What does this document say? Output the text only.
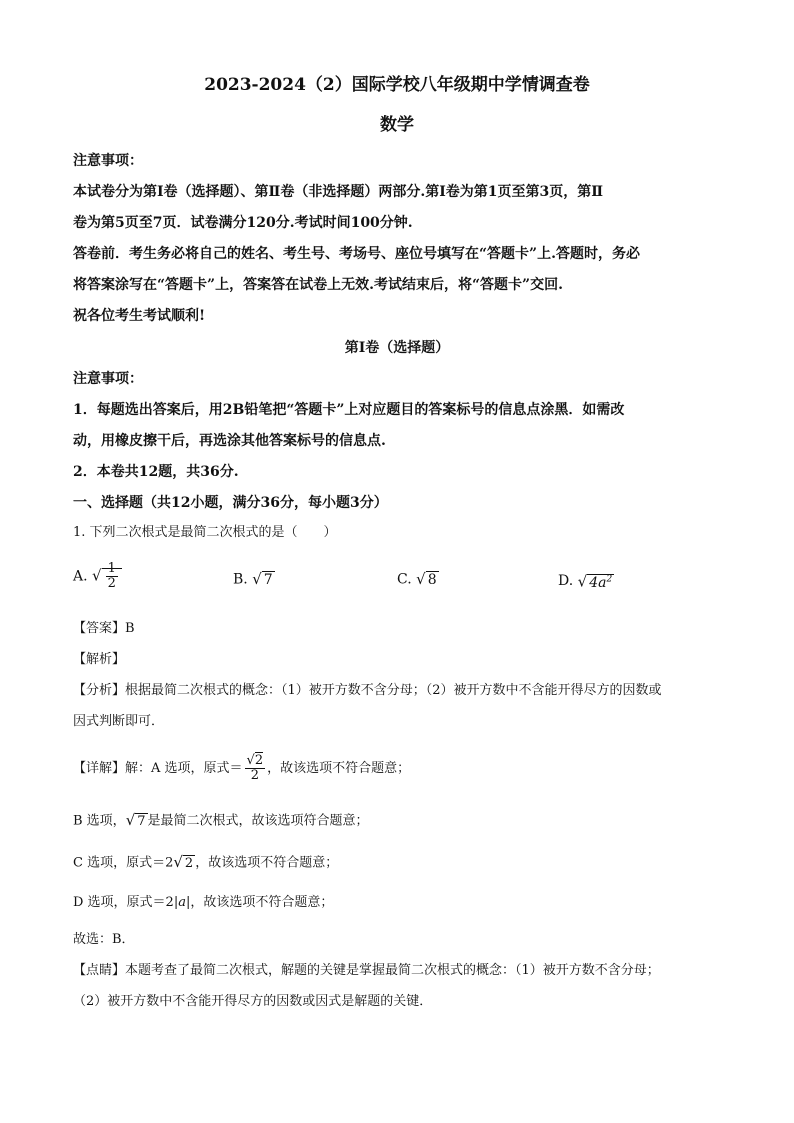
2023-2024（2）国际学校八年级期中学情调查卷
数学
注意事项：
本试卷分为第Ⅰ卷（选择题）、第Ⅱ卷（非选择题）两部分.第Ⅰ卷为第1页至第3页，第Ⅱ
卷为第5页至7页．试卷满分120分.考试时间100分钟.
答卷前．考生务必将自己的姓名、考生号、考场号、座位号填写在“答题卡”上.答题时，务必
将答案涂写在“答题卡”上，答案答在试卷上无效.考试结束后，将“答题卡”交回.
祝各位考生考试顺利!
第Ⅰ卷（选择题）
注意事项：
1．每题选出答案后，用2B铅笔把“答题卡”上对应题目的答案标号的信息点涂黑．如需改
动，用橡皮擦干后，再选涂其他答案标号的信息点.
2．本卷共12题，共36分.
一、选择题（共12小题，满分36分，每小题3分）
1. 下列二次根式是最简二次根式的是（　　）
A. √ $\frac{1}{2}$	B. √ 7	C. √ 8	D. √ $4a^2$
【答案】B
【解析】
【分析】根据最简二次根式的概念：（1）被开方数不含分母；（2）被开方数中不含能开得尽方的因数或
因式判断即可．
【详解】解：A 选项，原式＝ $\frac{√2}{2}$ ，故该选项不符合题意；
B 选项，√ 7 是最简二次根式，故该选项符合题意；
C 选项，原式＝2√ 2 ，故该选项不符合题意；
D 选项，原式＝2|a|，故该选项不符合题意；
故选：B．
【点睛】本题考查了最简二次根式，解题的关键是掌握最简二次根式的概念：（1）被开方数不含分母；
（2）被开方数中不含能开得尽方的因数或因式是解题的关键．
